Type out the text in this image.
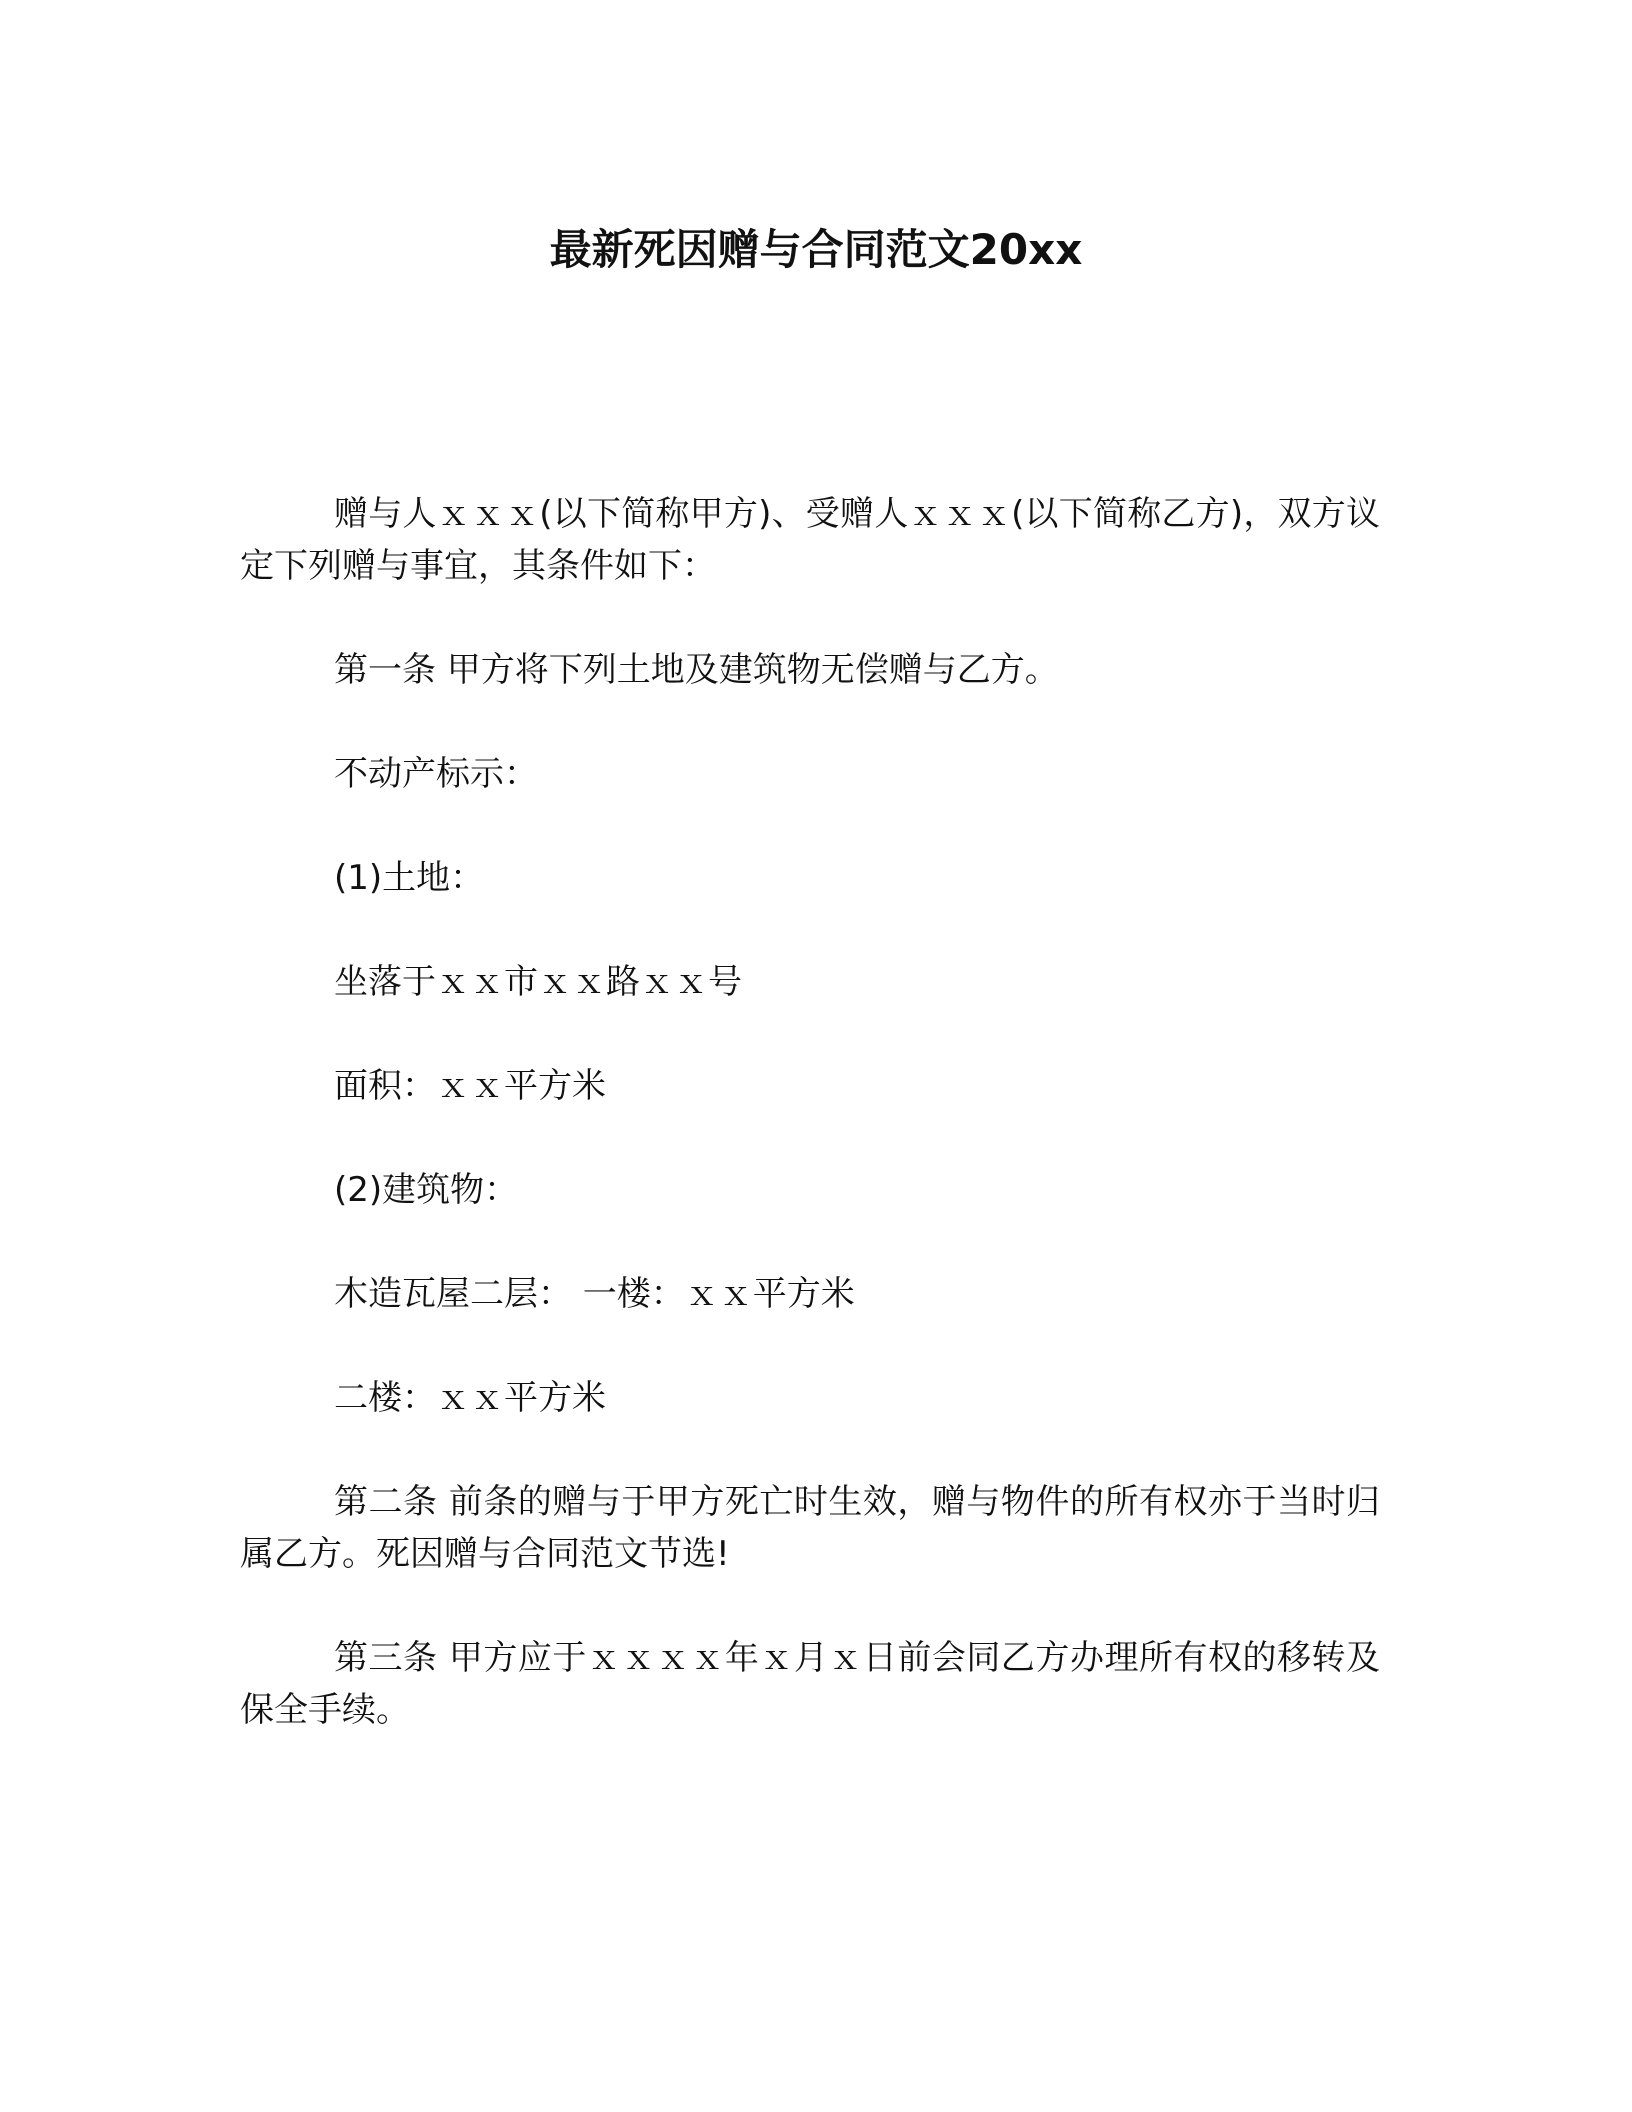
最新死因赠与合同范文20xx

赠与人ｘｘｘ(以下简称甲方)、受赠人ｘｘｘ(以下简称乙方)，双方议定下列赠与事宜，其条件如下：

第一条 甲方将下列土地及建筑物无偿赠与乙方。

不动产标示：

(1)土地：

坐落于ｘｘ市ｘｘ路ｘｘ号

面积：ｘｘ平方米

(2)建筑物：

木造瓦屋二层： 一楼：ｘｘ平方米

二楼：ｘｘ平方米

第二条 前条的赠与于甲方死亡时生效，赠与物件的所有权亦于当时归属乙方。死因赠与合同范文节选!

第三条 甲方应于ｘｘｘｘ年ｘ月ｘ日前会同乙方办理所有权的移转及保全手续。
